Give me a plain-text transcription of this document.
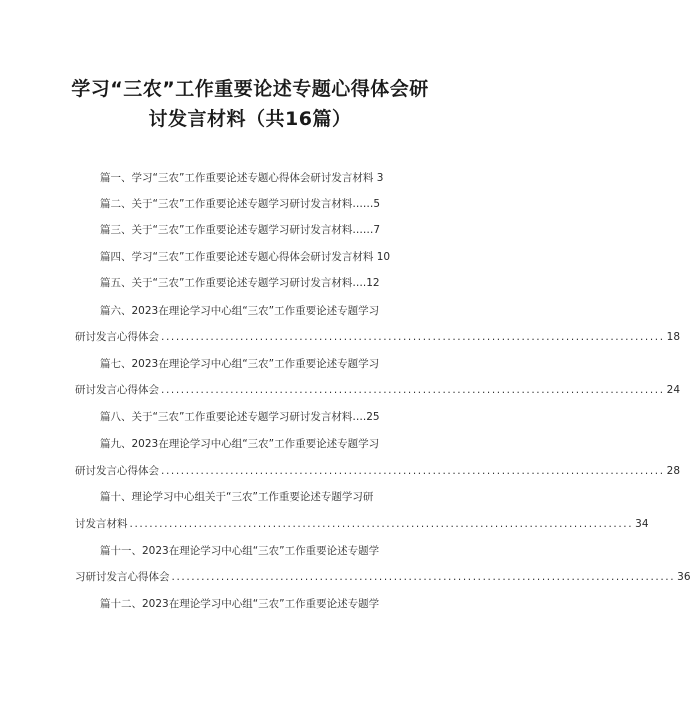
学习“三农”工作重要论述专题心得体会研
讨发言材料（共16篇）
篇一、学习“三农”工作重要论述专题心得体会研讨发言材料 3
篇二、关于“三农”工作重要论述专题学习研讨发言材料……5
篇三、关于“三农”工作重要论述专题学习研讨发言材料……7
篇四、学习“三农”工作重要论述专题心得体会研讨发言材料 10
篇五、关于“三农”工作重要论述专题学习研讨发言材料….12
篇六、2023在理论学习中心组“三农”工作重要论述专题学习
研讨发言心得体会 ...................................................................................................... 18
篇七、2023在理论学习中心组“三农”工作重要论述专题学习
研讨发言心得体会 ...................................................................................................... 24
篇八、关于“三农”工作重要论述专题学习研讨发言材料….25
篇九、2023在理论学习中心组“三农”工作重要论述专题学习
研讨发言心得体会 ...................................................................................................... 28
篇十、理论学习中心组关于“三农”工作重要论述专题学习研
讨发言材料 ...................................................................................................... 34
篇十一、2023在理论学习中心组“三农”工作重要论述专题学
习研讨发言心得体会 ...................................................................................................... 36
篇十二、2023在理论学习中心组“三农”工作重要论述专题学
